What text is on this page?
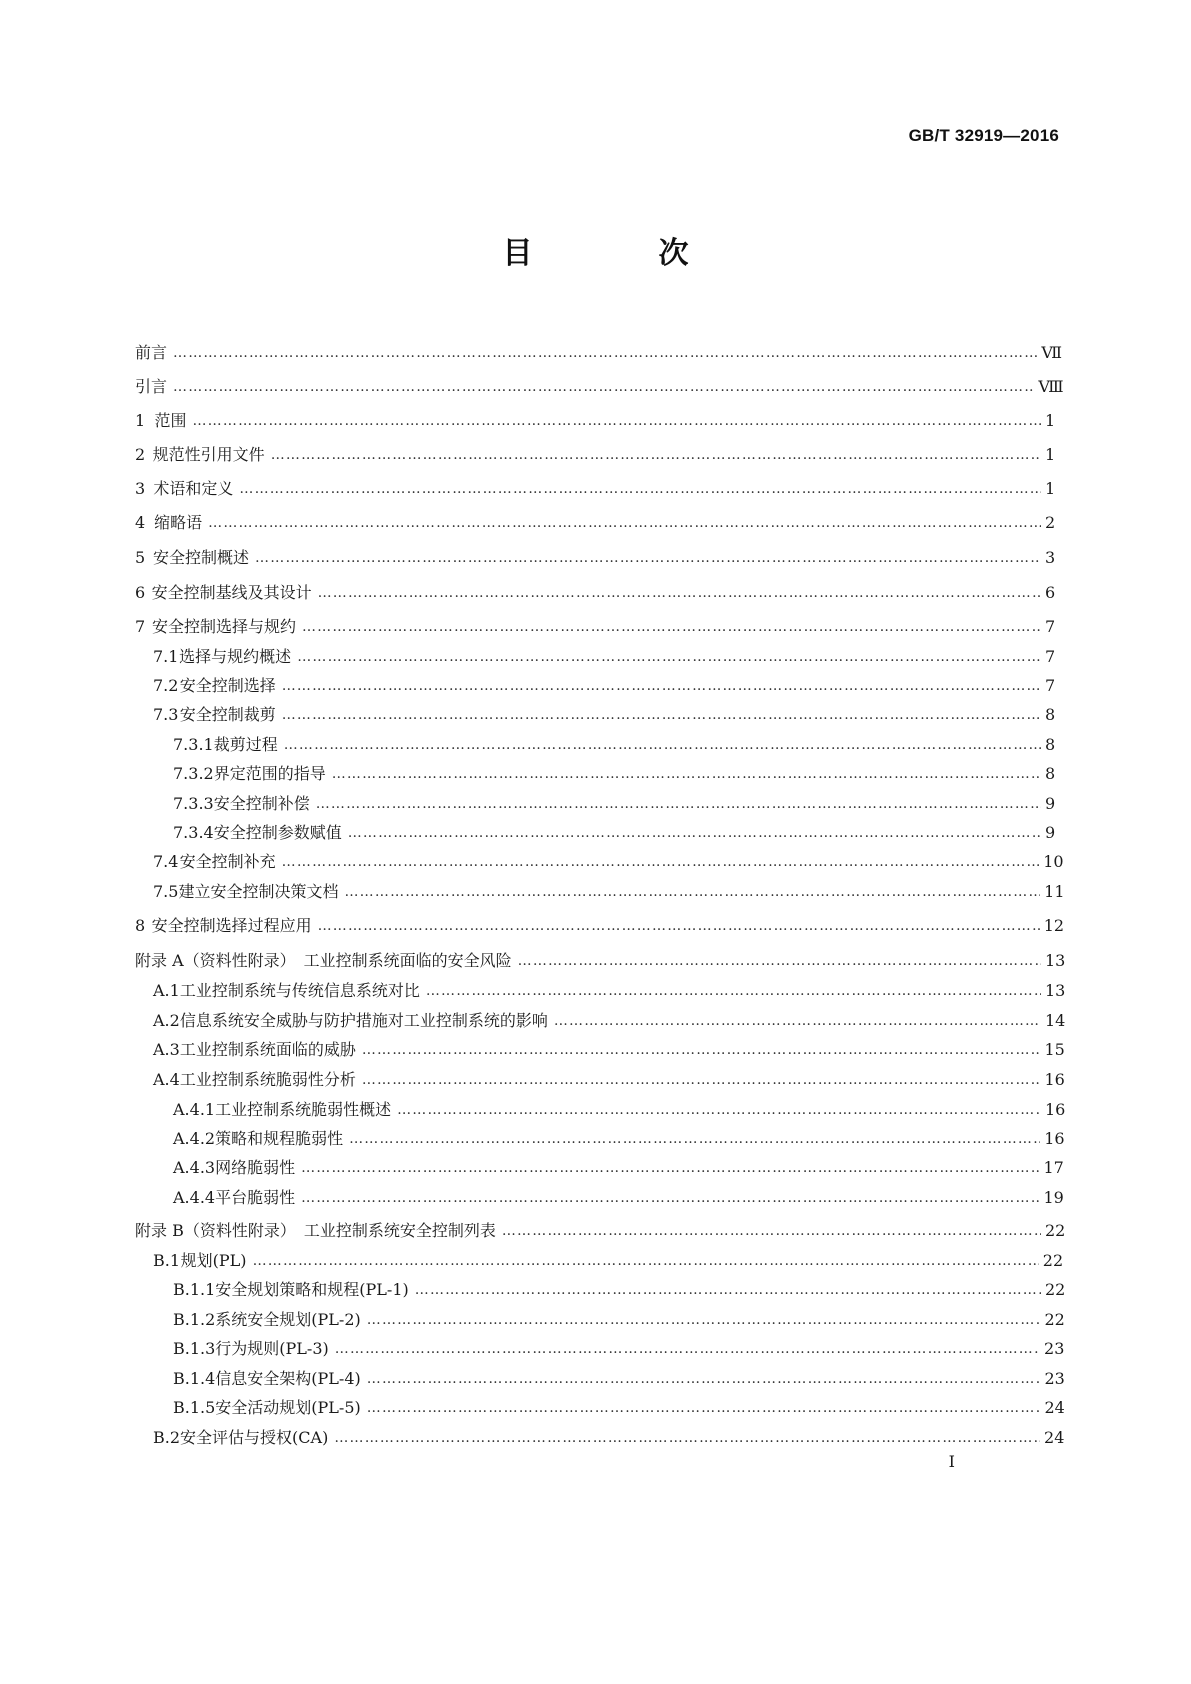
GB/T 32919—2016
目　次
前言 ……………………………………………………………………………………………………………………………………………………………………………………………………………………………………	Ⅶ
引言 ……………………………………………………………………………………………………………………………………………………………………………………………………………………………………	Ⅷ
1 范围 ……………………………………………………………………………………………………………………………………………………………………………………………………………………………………	1
2 规范性引用文件 ……………………………………………………………………………………………………………………………………………………………………………………………………………………………………	1
3 术语和定义 ……………………………………………………………………………………………………………………………………………………………………………………………………………………………………	1
4 缩略语 ……………………………………………………………………………………………………………………………………………………………………………………………………………………………………	2
5 安全控制概述 ……………………………………………………………………………………………………………………………………………………………………………………………………………………………………	3
6 安全控制基线及其设计 ……………………………………………………………………………………………………………………………………………………………………………………………………………………………………	6
7 安全控制选择与规约 ……………………………………………………………………………………………………………………………………………………………………………………………………………………………………	7
7.1 选择与规约概述 ……………………………………………………………………………………………………………………………………………………………………………………………………………………………………	7
7.2 安全控制选择 ……………………………………………………………………………………………………………………………………………………………………………………………………………………………………	7
7.3 安全控制裁剪 ……………………………………………………………………………………………………………………………………………………………………………………………………………………………………	8
7.3.1 裁剪过程 ……………………………………………………………………………………………………………………………………………………………………………………………………………………………………	8
7.3.2 界定范围的指导 ……………………………………………………………………………………………………………………………………………………………………………………………………………………………………	8
7.3.3 安全控制补偿 ……………………………………………………………………………………………………………………………………………………………………………………………………………………………………	9
7.3.4 安全控制参数赋值 ……………………………………………………………………………………………………………………………………………………………………………………………………………………………………	9
7.4 安全控制补充 ……………………………………………………………………………………………………………………………………………………………………………………………………………………………………	10
7.5 建立安全控制决策文档 ……………………………………………………………………………………………………………………………………………………………………………………………………………………………………	11
8 安全控制选择过程应用 ……………………………………………………………………………………………………………………………………………………………………………………………………………………………………	12
附录 A（资料性附录）　工业控制系统面临的安全风险 ……………………………………………………………………………………………………………………………………………………………………………………………………………………………………	13
A.1 工业控制系统与传统信息系统对比 ……………………………………………………………………………………………………………………………………………………………………………………………………………………………………	13
A.2 信息系统安全威胁与防护措施对工业控制系统的影响 ……………………………………………………………………………………………………………………………………………………………………………………………………………………………………	14
A.3 工业控制系统面临的威胁 ……………………………………………………………………………………………………………………………………………………………………………………………………………………………………	15
A.4 工业控制系统脆弱性分析 ……………………………………………………………………………………………………………………………………………………………………………………………………………………………………	16
A.4.1 工业控制系统脆弱性概述 ……………………………………………………………………………………………………………………………………………………………………………………………………………………………………	16
A.4.2 策略和规程脆弱性 ……………………………………………………………………………………………………………………………………………………………………………………………………………………………………	16
A.4.3 网络脆弱性 ……………………………………………………………………………………………………………………………………………………………………………………………………………………………………	17
A.4.4 平台脆弱性 ……………………………………………………………………………………………………………………………………………………………………………………………………………………………………	19
附录 B（资料性附录）　工业控制系统安全控制列表 ……………………………………………………………………………………………………………………………………………………………………………………………………………………………………	22
B.1 规划(PL) ……………………………………………………………………………………………………………………………………………………………………………………………………………………………………	22
B.1.1 安全规划策略和规程(PL-1) ……………………………………………………………………………………………………………………………………………………………………………………………………………………………………	22
B.1.2 系统安全规划(PL-2) ……………………………………………………………………………………………………………………………………………………………………………………………………………………………………	22
B.1.3 行为规则(PL-3) ……………………………………………………………………………………………………………………………………………………………………………………………………………………………………	23
B.1.4 信息安全架构(PL-4) ……………………………………………………………………………………………………………………………………………………………………………………………………………………………………	23
B.1.5 安全活动规划(PL-5) ……………………………………………………………………………………………………………………………………………………………………………………………………………………………………	24
B.2 安全评估与授权(CA) ……………………………………………………………………………………………………………………………………………………………………………………………………………………………………	24
I
